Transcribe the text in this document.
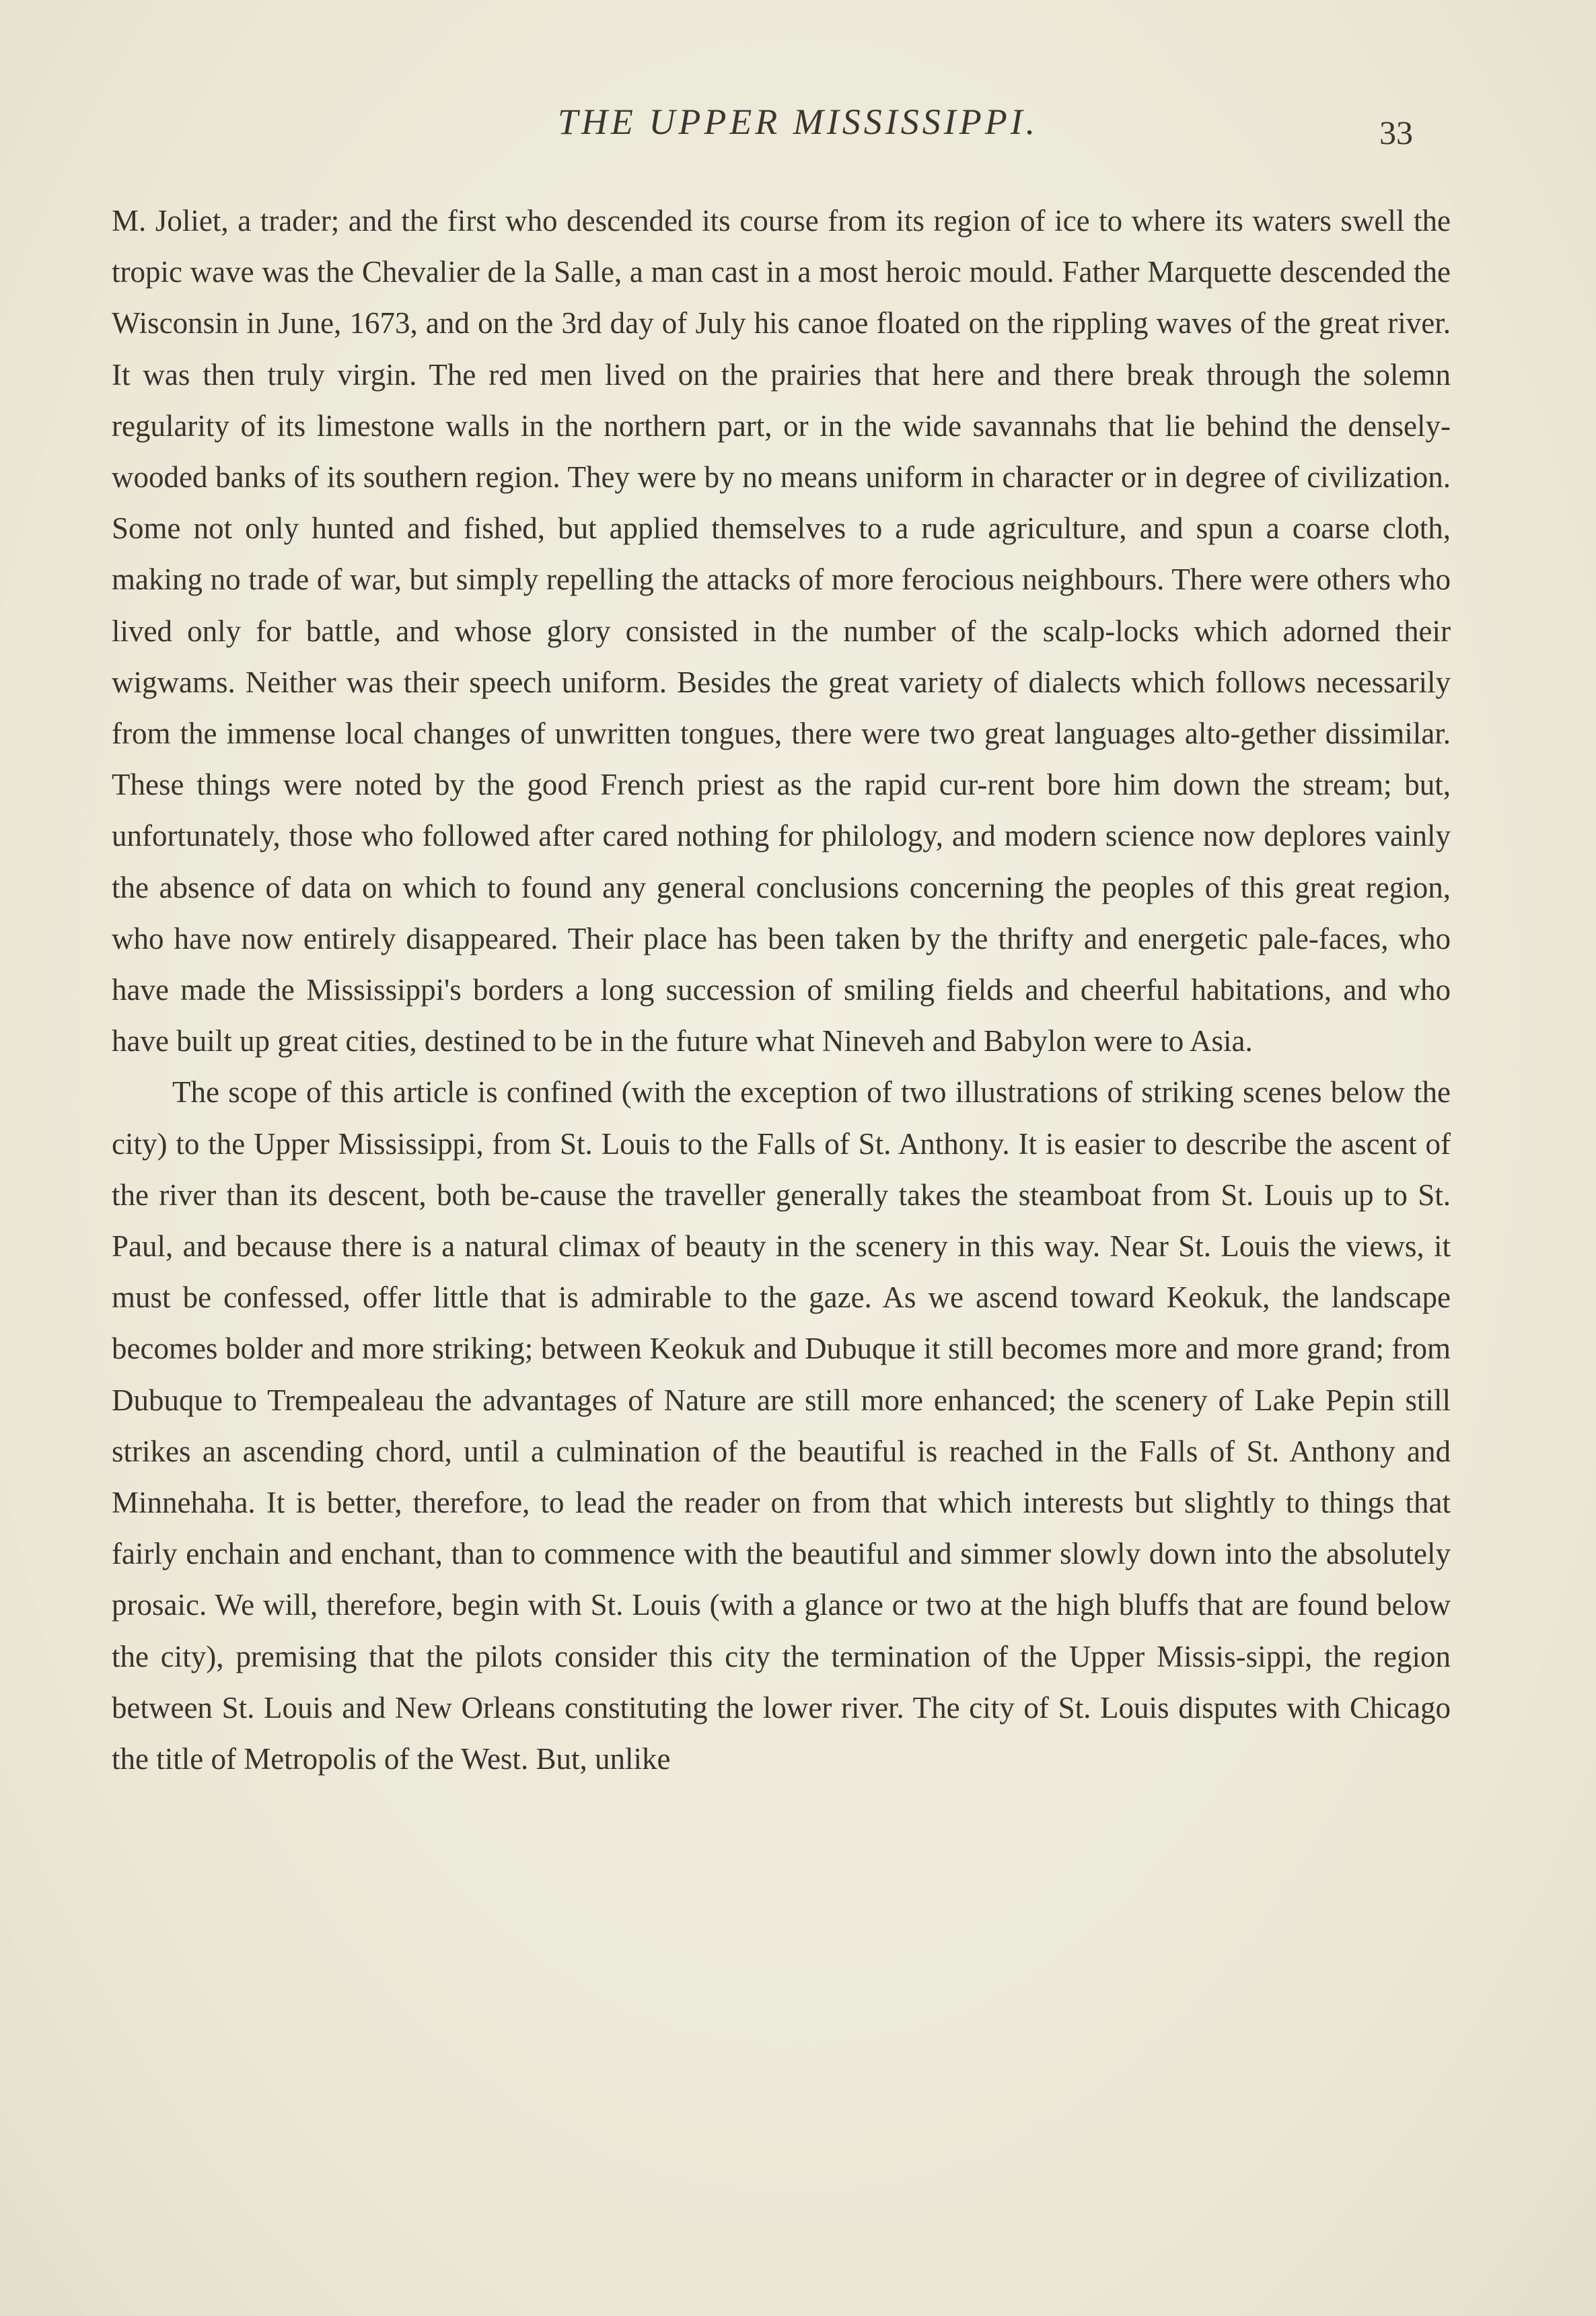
THE UPPER MISSISSIPPI.	33

M. Joliet, a trader; and the first who descended its course from its region of ice to where its waters swell the tropic wave was the Chevalier de la Salle, a man cast in a most heroic mould. Father Marquette descended the Wisconsin in June, 1673, and on the 3rd day of July his canoe floated on the rippling waves of the great river. It was then truly virgin. The red men lived on the prairies that here and there break through the solemn regularity of its limestone walls in the northern part, or in the wide savannahs that lie behind the densely-wooded banks of its southern region. They were by no means uniform in character or in degree of civilization. Some not only hunted and fished, but applied themselves to a rude agriculture, and spun a coarse cloth, making no trade of war, but simply repelling the attacks of more ferocious neighbours. There were others who lived only for battle, and whose glory consisted in the number of the scalp-locks which adorned their wigwams. Neither was their speech uniform. Besides the great variety of dialects which follows necessarily from the immense local changes of unwritten tongues, there were two great languages alto-gether dissimilar. These things were noted by the good French priest as the rapid cur-rent bore him down the stream; but, unfortunately, those who followed after cared nothing for philology, and modern science now deplores vainly the absence of data on which to found any general conclusions concerning the peoples of this great region, who have now entirely disappeared. Their place has been taken by the thrifty and energetic pale-faces, who have made the Mississippi's borders a long succession of smiling fields and cheerful habitations, and who have built up great cities, destined to be in the future what Nineveh and Babylon were to Asia.

The scope of this article is confined (with the exception of two illustrations of striking scenes below the city) to the Upper Mississippi, from St. Louis to the Falls of St. Anthony. It is easier to describe the ascent of the river than its descent, both be-cause the traveller generally takes the steamboat from St. Louis up to St. Paul, and because there is a natural climax of beauty in the scenery in this way. Near St. Louis the views, it must be confessed, offer little that is admirable to the gaze. As we ascend toward Keokuk, the landscape becomes bolder and more striking; between Keokuk and Dubuque it still becomes more and more grand; from Dubuque to Trempealeau the advantages of Nature are still more enhanced; the scenery of Lake Pepin still strikes an ascending chord, until a culmination of the beautiful is reached in the Falls of St. Anthony and Minnehaha. It is better, therefore, to lead the reader on from that which interests but slightly to things that fairly enchain and enchant, than to commence with the beautiful and simmer slowly down into the absolutely prosaic. We will, therefore, begin with St. Louis (with a glance or two at the high bluffs that are found below the city), premising that the pilots consider this city the termination of the Upper Missis-sippi, the region between St. Louis and New Orleans constituting the lower river. The city of St. Louis disputes with Chicago the title of Metropolis of the West. But, unlike
